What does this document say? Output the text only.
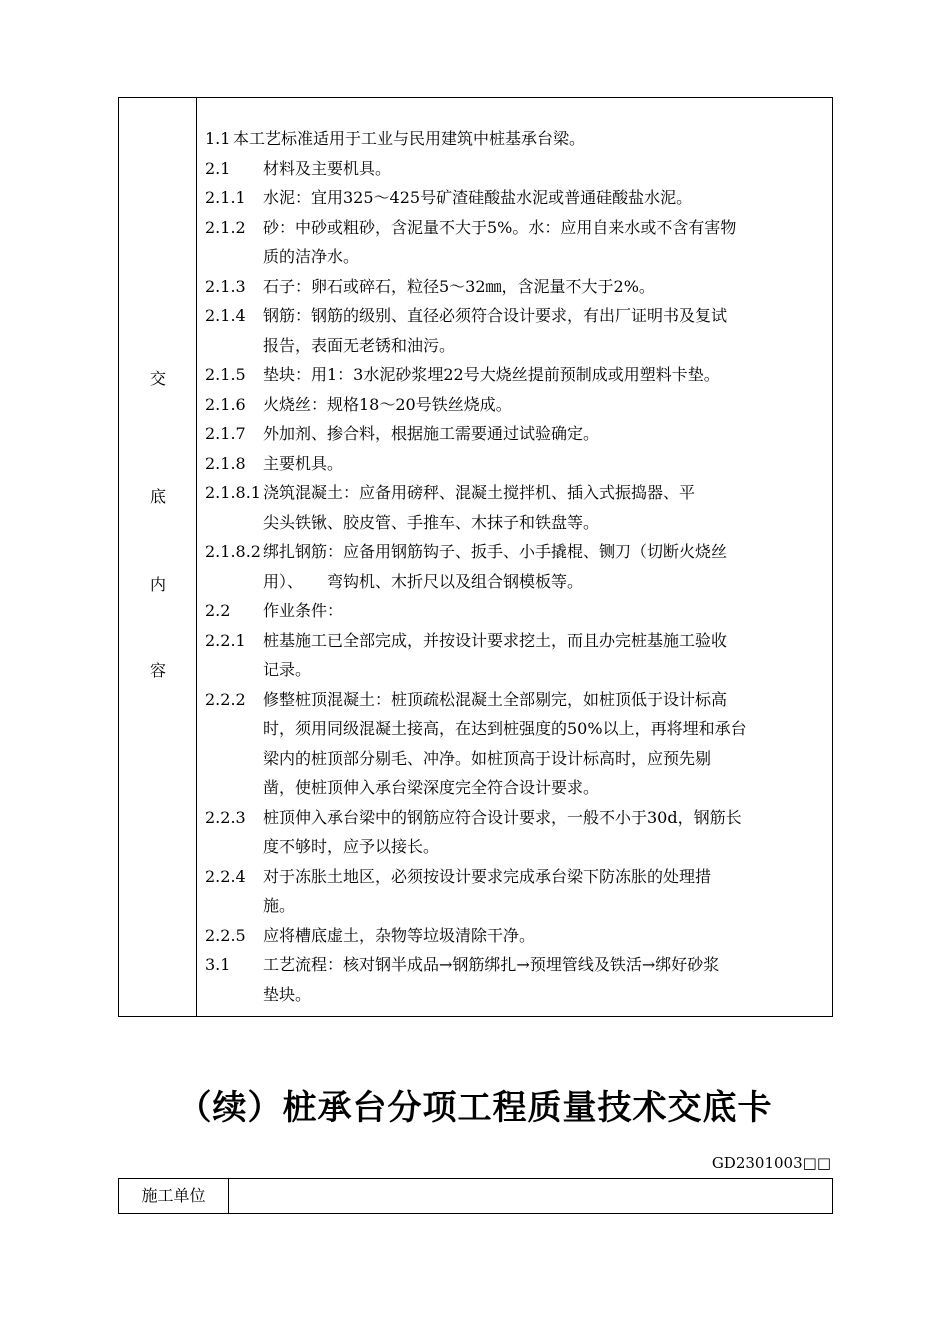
交
底
内
容
1.1 本工艺标准适用于工业与民用建筑中桩基承台梁。
2.1 材料及主要机具。
2.1.1 水泥：宜用325～425号矿渣硅酸盐水泥或普通硅酸盐水泥。
2.1.2 砂：中砂或粗砂，含泥量不大于5%。水：应用自来水或不含有害物
质的洁净水。
2.1.3 石子：卵石或碎石，粒径5～32㎜，含泥量不大于2%。
2.1.4 钢筋：钢筋的级别、直径必须符合设计要求，有出厂证明书及复试
报告，表面无老锈和油污。
2.1.5 垫块：用1：3水泥砂浆埋22号大烧丝提前预制成或用塑料卡垫。
2.1.6 火烧丝：规格18～20号铁丝烧成。
2.1.7 外加剂、掺合料，根据施工需要通过试验确定。
2.1.8 主要机具。
2.1.8.1 浇筑混凝土：应备用磅秤、混凝土搅拌机、插入式振捣器、平
尖头铁锹、胶皮管、手推车、木抹子和铁盘等。
2.1.8.2 绑扎钢筋：应备用钢筋钩子、扳手、小手撬棍、铡刀（切断火烧丝
用）、　　弯钩机、木折尺以及组合钢模板等。
2.2 作业条件：
2.2.1 桩基施工已全部完成，并按设计要求挖土，而且办完桩基施工验收
记录。
2.2.2 修整桩顶混凝土：桩顶疏松混凝土全部剔完，如桩顶低于设计标高
时，须用同级混凝土接高，在达到桩强度的50%以上，再将埋和承台
梁内的桩顶部分剔毛、冲净。如桩顶高于设计标高时，应预先剔
凿，使桩顶伸入承台梁深度完全符合设计要求。
2.2.3 桩顶伸入承台梁中的钢筋应符合设计要求，一般不小于30d，钢筋长
度不够时，应予以接长。
2.2.4 对于冻胀土地区，必须按设计要求完成承台梁下防冻胀的处理措
施。
2.2.5 应将槽底虚土，杂物等垃圾清除干净。
3.1 工艺流程：核对钢半成品→钢筋绑扎→预埋管线及铁活→绑好砂浆
垫块。
（续）桩承台分项工程质量技术交底卡
GD2301003□□
施工单位
